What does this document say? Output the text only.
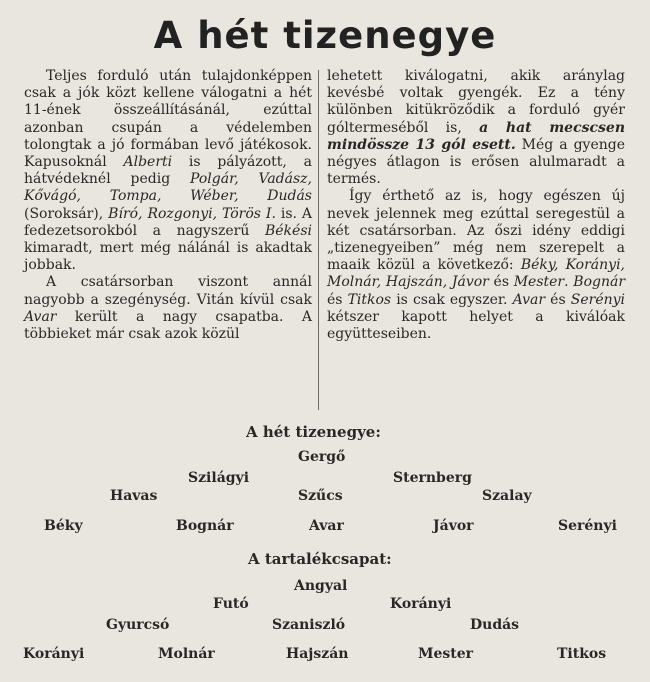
A hét tizenegye

Teljes forduló után tulajdonképpen csak a jók közt kellene válogatni a hét 11-ének összeállításánál, ezúttal azonban csupán a védelemben tolongtak a jó formában levő játékosok. Kapusoknál Alberti is pályázott, a hátvédeknél pedig Polgár, Vadász, Kővágó, Tompa, Wéber, Dudás (Soroksár), Bíró, Rozgonyi, Törös I. is. A fedezetsorokból a nagyszerű Békési kimaradt, mert még nálánál is akadtak jobbak.

A csatársorban viszont annál nagyobb a szegénység. Vitán kívül csak Avar került a nagy csapatba. A többieket már csak azok közül

lehetett kiválogatni, akik aránylag kevésbé voltak gyengék. Ez a tény különben kitükröződik a forduló gyér góltermeséből is, a hat mecscsen mindössze 13 gól esett. Még a gyenge négyes átlagon is erősen alulmaradt a termés.

Így érthető az is, hogy egészen új nevek jelennek meg ezúttal seregestül a két csatársorban. Az őszi idény eddigi „tizenegyeiben” még nem szerepelt a maaik közül a következő: Béky, Korányi, Molnár, Hajszán, Jávor és Mester. Bognár és Titkos is csak egyszer. Avar és Serényi kétszer kapott helyet a kiválóak együtteseiben.

A hét tizenegye:
Gergő
Szilágyi	Sternberg
Havas	Szűcs	Szalay
Béky	Bognár	Avar	Jávor	Serényi
A tartalékcsapat:
Angyal
Futó	Korányi
Gyurcsó	Szaniszló	Dudás
Korányi	Molnár	Hajszán	Mester	Titkos
